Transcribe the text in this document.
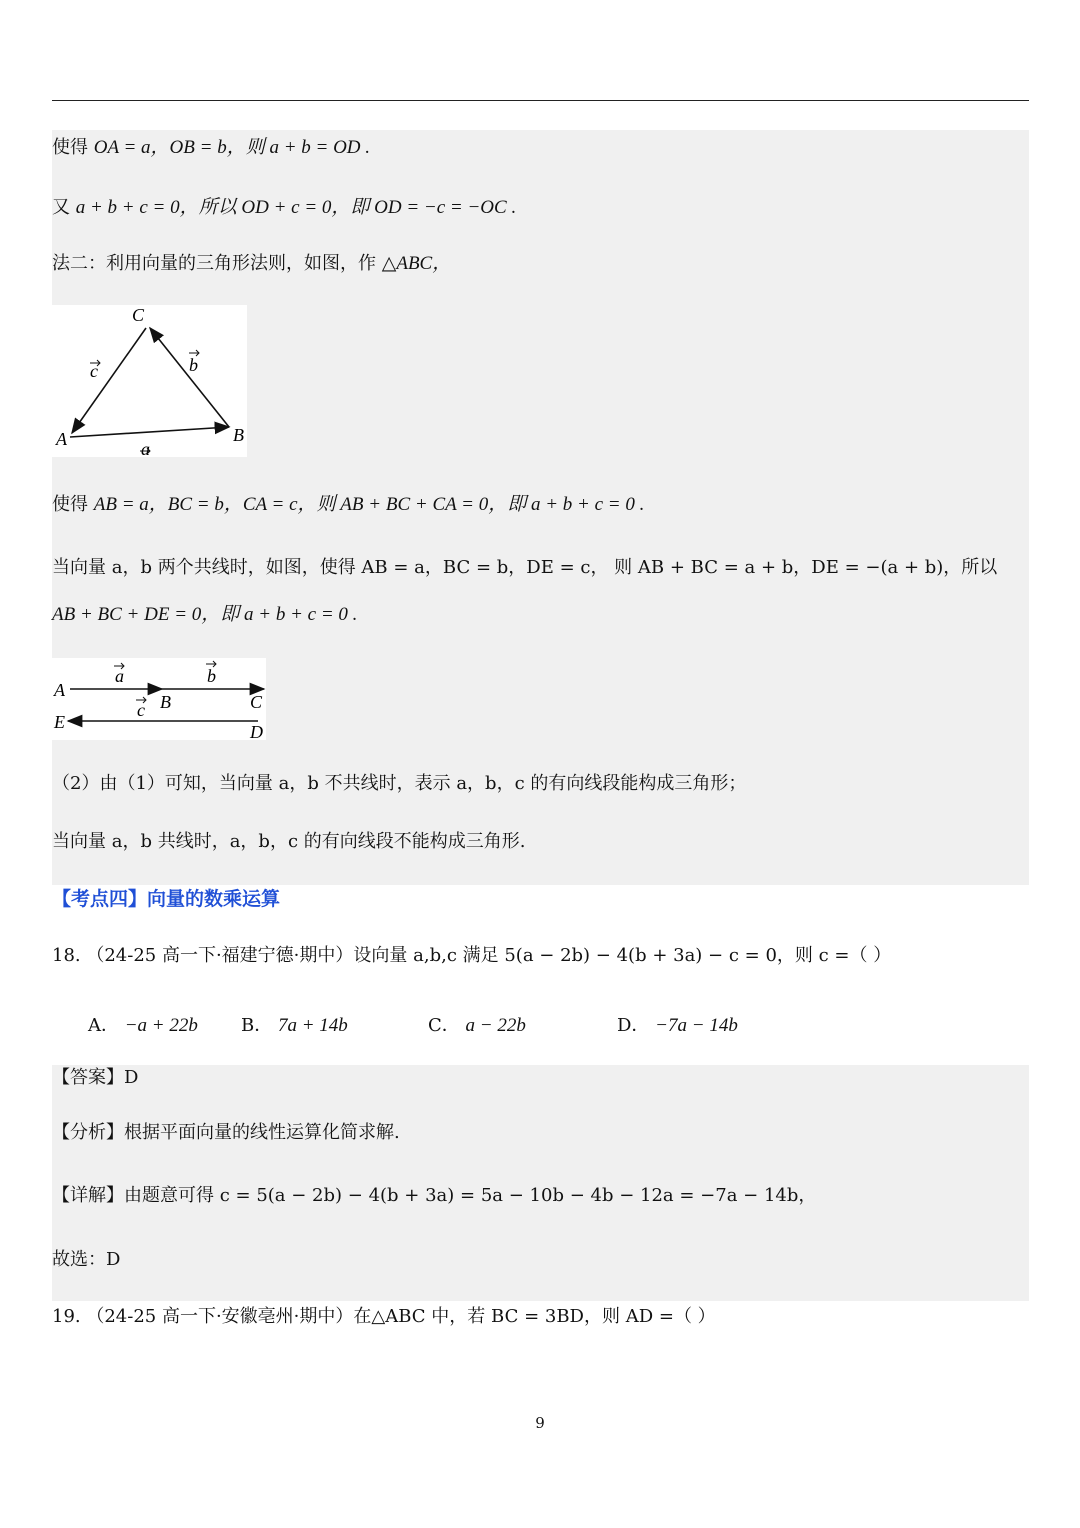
使得 OA = a，OB = b，则 a + b = OD .
又 a + b + c = 0，所以 OD + c = 0，即 OD = −c = −OC .
法二：利用向量的三角形法则，如图，作 △ABC，
A	B
C
a
b
c
使得 AB = a，BC = b，CA = c，则 AB + BC + CA = 0，即 a + b + c = 0 .
当向量 a，b 两个共线时，如图，使得 AB = a，BC = b，DE = c， 则 AB + BC = a + b，DE = −(a + b)，所以
AB + BC + DE = 0，即 a + b + c = 0 .
A
B	C
D
E
a	b
c
（2）由（1）可知，当向量 a，b 不共线时，表示 a，b，c 的有向线段能构成三角形；
当向量 a，b 共线时，a，b，c 的有向线段不能构成三角形.
【考点四】向量的数乘运算
18. （24-25 高一下·福建宁德·期中）设向量 a,b,c 满足 5(a − 2b) − 4(b + 3a) − c = 0，则 c =（ ）
A． −a + 22b B． 7a + 14b	C． a − 22b	D． −7a − 14b
【答案】D
【分析】根据平面向量的线性运算化简求解.
【详解】由题意可得 c = 5(a − 2b) − 4(b + 3a) = 5a − 10b − 4b − 12a = −7a − 14b，
故选：D
19. （24-25 高一下·安徽亳州·期中）在△ABC 中，若 BC = 3BD，则 AD =（ ）
9
